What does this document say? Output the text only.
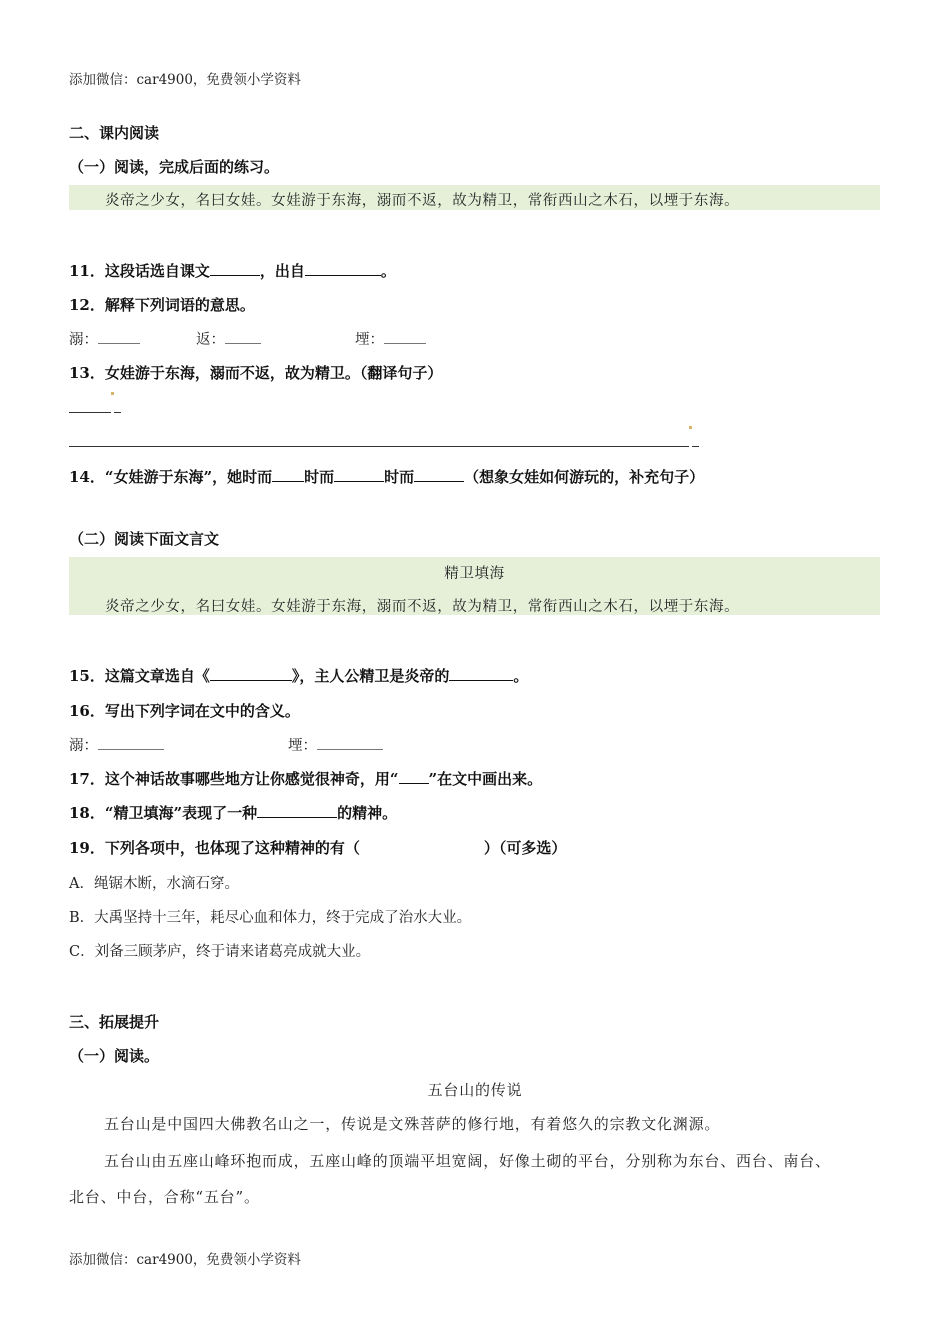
添加微信：car4900，免费领小学资料
二、课内阅读
（一）阅读，完成后面的练习。
炎帝之少女，名曰女娃。女娃游于东海，溺而不返，故为精卫，常衔西山之木石，以堙于东海。
11．这段话选自课文	，出自	。
12．解释下列词语的意思。
溺：	返：	堙：
13．女娃游于东海，溺而不返，故为精卫。（翻译句子）
14．“女娃游于东海”，她时而 时而	时而	（想象女娃如何游玩的，补充句子）
（二）阅读下面文言文
精卫填海
炎帝之少女，名曰女娃。女娃游于东海，溺而不返，故为精卫，常衔西山之木石，以堙于东海。
15．这篇文章选自《	》，主人公精卫是炎帝的	。
16．写出下列字词在文中的含义。
溺：	堙：
17．这个神话故事哪些地方让你感觉很神奇，用“ ”在文中画出来。
18．“精卫填海”表现了一种	的精神。
19．下列各项中，也体现了这种精神的有（	）（可多选）
A．绳锯木断，水滴石穿。
B．大禹坚持十三年，耗尽心血和体力，终于完成了治水大业。
C．刘备三顾茅庐，终于请来诸葛亮成就大业。
三、拓展提升
（一）阅读。
五台山的传说
五台山是中国四大佛教名山之一，传说是文殊菩萨的修行地，有着悠久的宗教文化渊源。
五台山由五座山峰环抱而成，五座山峰的顶端平坦宽阔，好像土砌的平台，分别称为东台、西台、南台、
北台、中台，合称“五台”。
添加微信：car4900，免费领小学资料
